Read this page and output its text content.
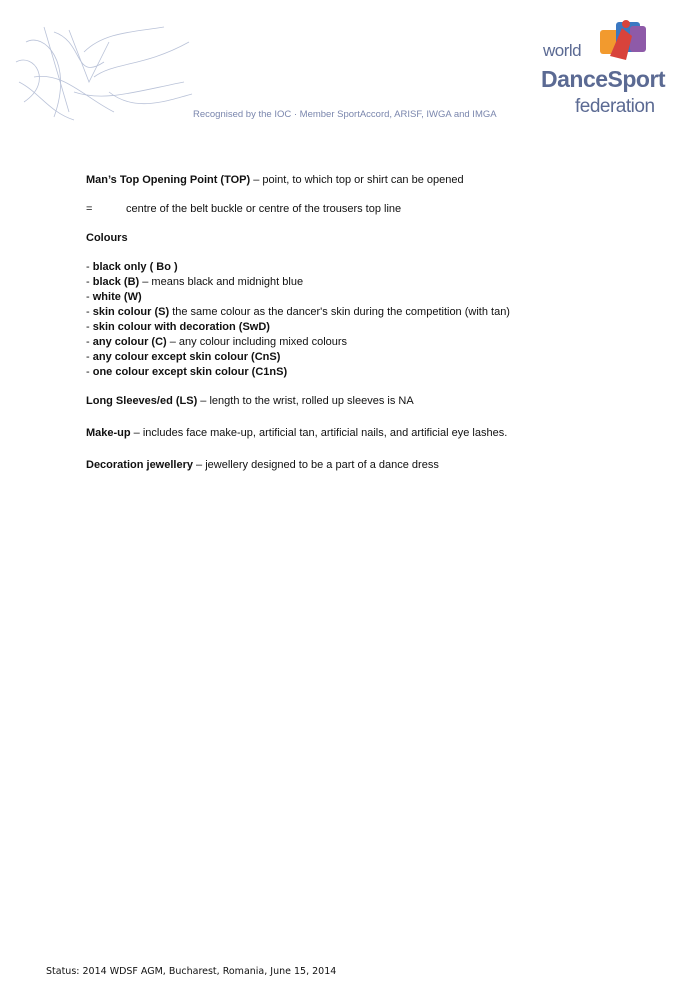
world
DanceSport
federation
Recognised by the IOC · Member SportAccord, ARISF, IWGA and IMGA

Man’s Top Opening Point (TOP) – point, to which top or shirt can be opened

=	centre of the belt buckle or centre of the trousers top line

Colours

- black only ( Bo )

- black (B) – means black and midnight blue

- white (W)

- skin colour (S) the same colour as the dancer's skin during the competition (with tan)

- skin colour with decoration (SwD)

- any colour (C) – any colour including mixed colours

- any colour except skin colour (CnS)

- one colour except skin colour (C1nS)

Long Sleeves/ed (LS) – length to the wrist, rolled up sleeves is NA

Make-up – includes face make-up, artificial tan, artificial nails, and artificial eye lashes.

Decoration jewellery – jewellery designed to be a part of a dance dress

Status: 2014 WDSF AGM, Bucharest, Romania, June 15, 2014
